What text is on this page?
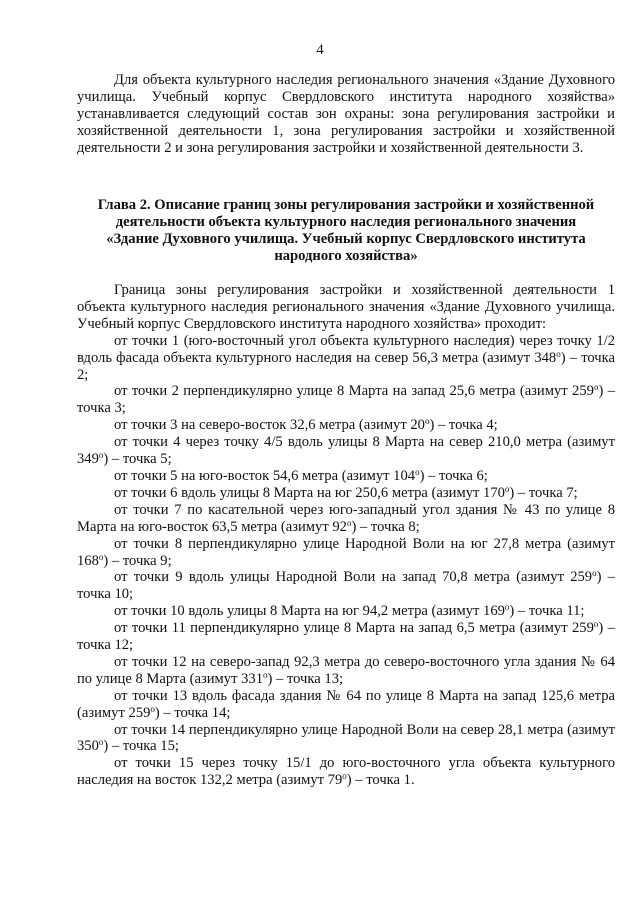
4

Для объекта культурного наследия регионального значения «Здание Духовного училища. Учебный корпус Свердловского института народного хозяйства» устанавливается следующий состав зон охраны: зона регулирования застройки и хозяйственной деятельности 1, зона регулирования застройки и хозяйственной деятельности 2 и зона регулирования застройки и хозяйственной деятельности 3.

Глава 2. Описание границ зоны регулирования застройки и хозяйственной
деятельности объекта культурного наследия регионального значения
«Здание Духовного училища. Учебный корпус Свердловского института
народного хозяйства»

Граница зоны регулирования застройки и хозяйственной деятельности 1 объекта культурного наследия регионального значения «Здание Духовного училища. Учебный корпус Свердловского института народного хозяйства» проходит:

от точки 1 (юго-восточный угол объекта культурного наследия) через точку 1/2 вдоль фасада объекта культурного наследия на север 56,3 метра (азимут $348^о$) – точка 2;

от точки 2 перпендикулярно улице 8 Марта на запад 25,6 метра (азимут $259^о$) – точка 3;

от точки 3 на северо-восток 32,6 метра (азимут $20^о$) – точка 4;

от точки 4 через точку 4/5 вдоль улицы 8 Марта на север 210,0 метра (азимут $349^о$) – точка 5;

от точки 5 на юго-восток 54,6 метра (азимут $104^о$) – точка 6;

от точки 6 вдоль улицы 8 Марта на юг 250,6 метра (азимут $170^о$) – точка 7;

от точки 7 по касательной через юго-западный угол здания № 43 по улице 8 Марта на юго-восток 63,5 метра (азимут $92^о$) – точка 8;

от точки 8 перпендикулярно улице Народной Воли на юг 27,8 метра (азимут $168^о$) – точка 9;

от точки 9 вдоль улицы Народной Воли на запад 70,8 метра (азимут $259^о$) – точка 10;

от точки 10 вдоль улицы 8 Марта на юг 94,2 метра (азимут $169^о$) – точка 11;

от точки 11 перпендикулярно улице 8 Марта на запад 6,5 метра (азимут $259^о$) – точка 12;

от точки 12 на северо-запад 92,3 метра до северо-восточного угла здания № 64 по улице 8 Марта (азимут $331^о$) – точка 13;

от точки 13 вдоль фасада здания № 64 по улице 8 Марта на запад 125,6 метра (азимут $259^о$) – точка 14;

от точки 14 перпендикулярно улице Народной Воли на север 28,1 метра (азимут $350^о$) – точка 15;

от точки 15 через точку 15/1 до юго-восточного угла объекта культурного наследия на восток 132,2 метра (азимут $79^о$) – точка 1.
